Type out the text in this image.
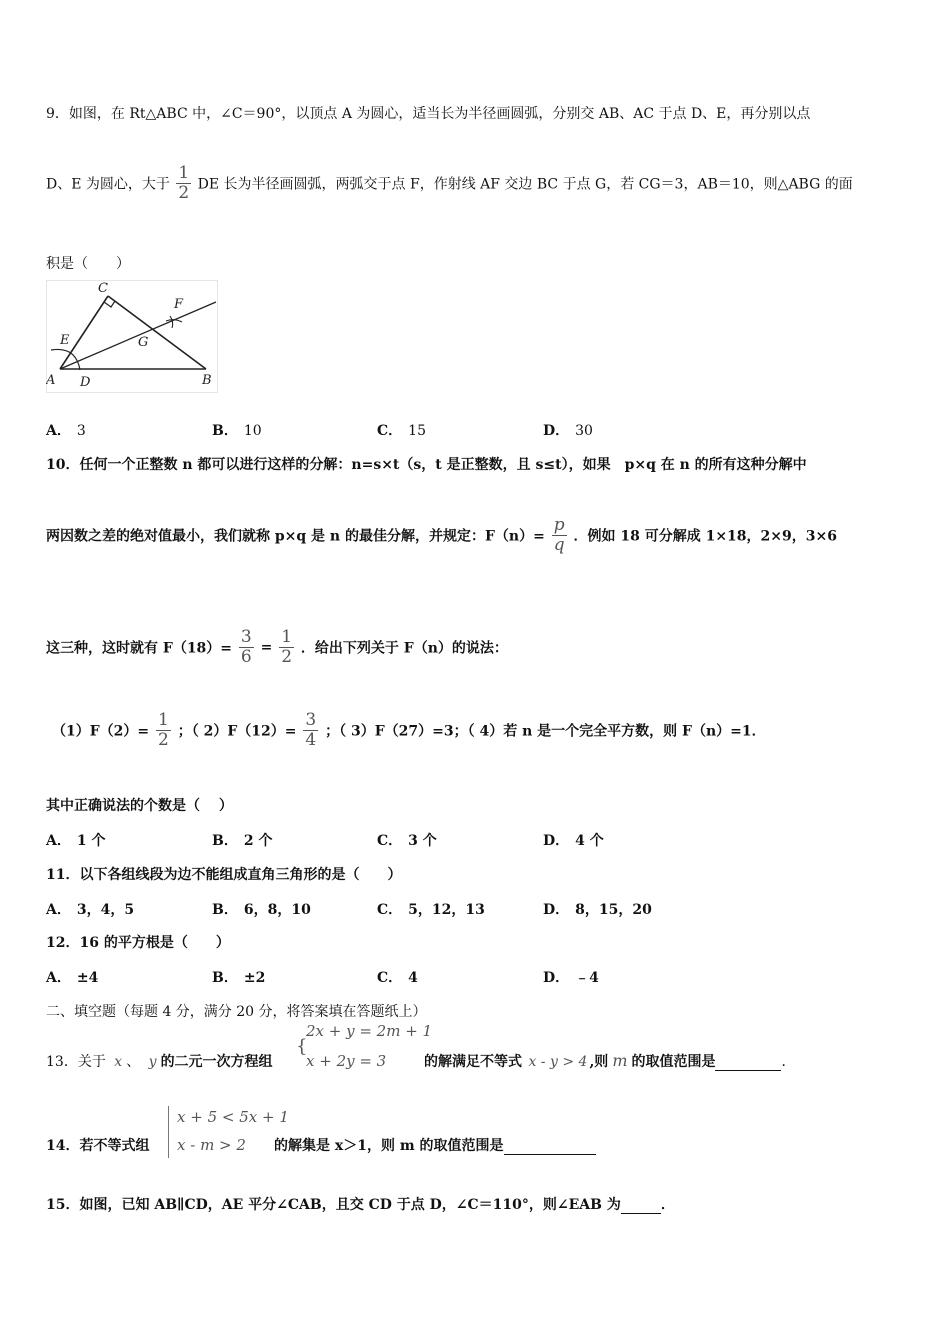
9．如图，在 Rt△ABC 中，∠C＝90°，以顶点 A 为圆心，适当长为半径画圆弧，分别交 AB、AC 于点 D、E，再分别以点
D、E 为圆心，大于 $\frac{1}{2}$ DE 长为半径画圆弧，两弧交于点 F，作射线 AF 交边 BC 于点 G，若 CG＝3，AB＝10，则△ABG 的面
积是（　　）
C
F
E	G
A D	B
A． 3	B． 10	C． 15	D． 30
10．任何一个正整数 n 都可以进行这样的分解：n=s×t（s，t 是正整数，且 s≤t），如果　p×q 在 n 的所有这种分解中
两因数之差的绝对值最小，我们就称 p×q 是 n 的最佳分解，并规定：$F(n)= \frac{p}{q}$ ．例如 18 可分解成 1×18，2×9，3×6
这三种，这时就有 $F(18)= \frac{3}{6} = \frac{1}{2}$ ．给出下列关于 F（n）的说法：
$(1)F(2)= \frac{1}{2}$ ；（ $2)F(12)= \frac{3}{4}$ ；（ 3）F（27）=3；（ 4）若 n 是一个完全平方数，则 F（n）=1．
其中正确说法的个数是（　 ）
A． 1 个	B． 2 个	C． 3 个	D． 4 个
11．以下各组线段为边不能组成直角三角形的是（　　）
A． 3，4，5	B． 6，8，10	C． 5，12，13	D． 8，15，20
12．16 的平方根是（　　）
A． ±4	B． ±2	C． 4	D． ﹣4
二、填空题（每题 4 分，满分 20 分，将答案填在答题纸上）
13．关于 x 、 y 的二元一次方程组
{
2x + y = 2m + 1
x + 2y = 3	的解满足不等式 x - y > 4 ,则 m 的取值范围是	．
14．若不等式组
x + 5 < 5x + 1
x - m > 2 的解集是 x＞1，则 m 的取值范围是
15．如图，已知 AB∥CD，AE 平分∠CAB，且交 CD 于点 D，∠C＝110°，则∠EAB 为	．
